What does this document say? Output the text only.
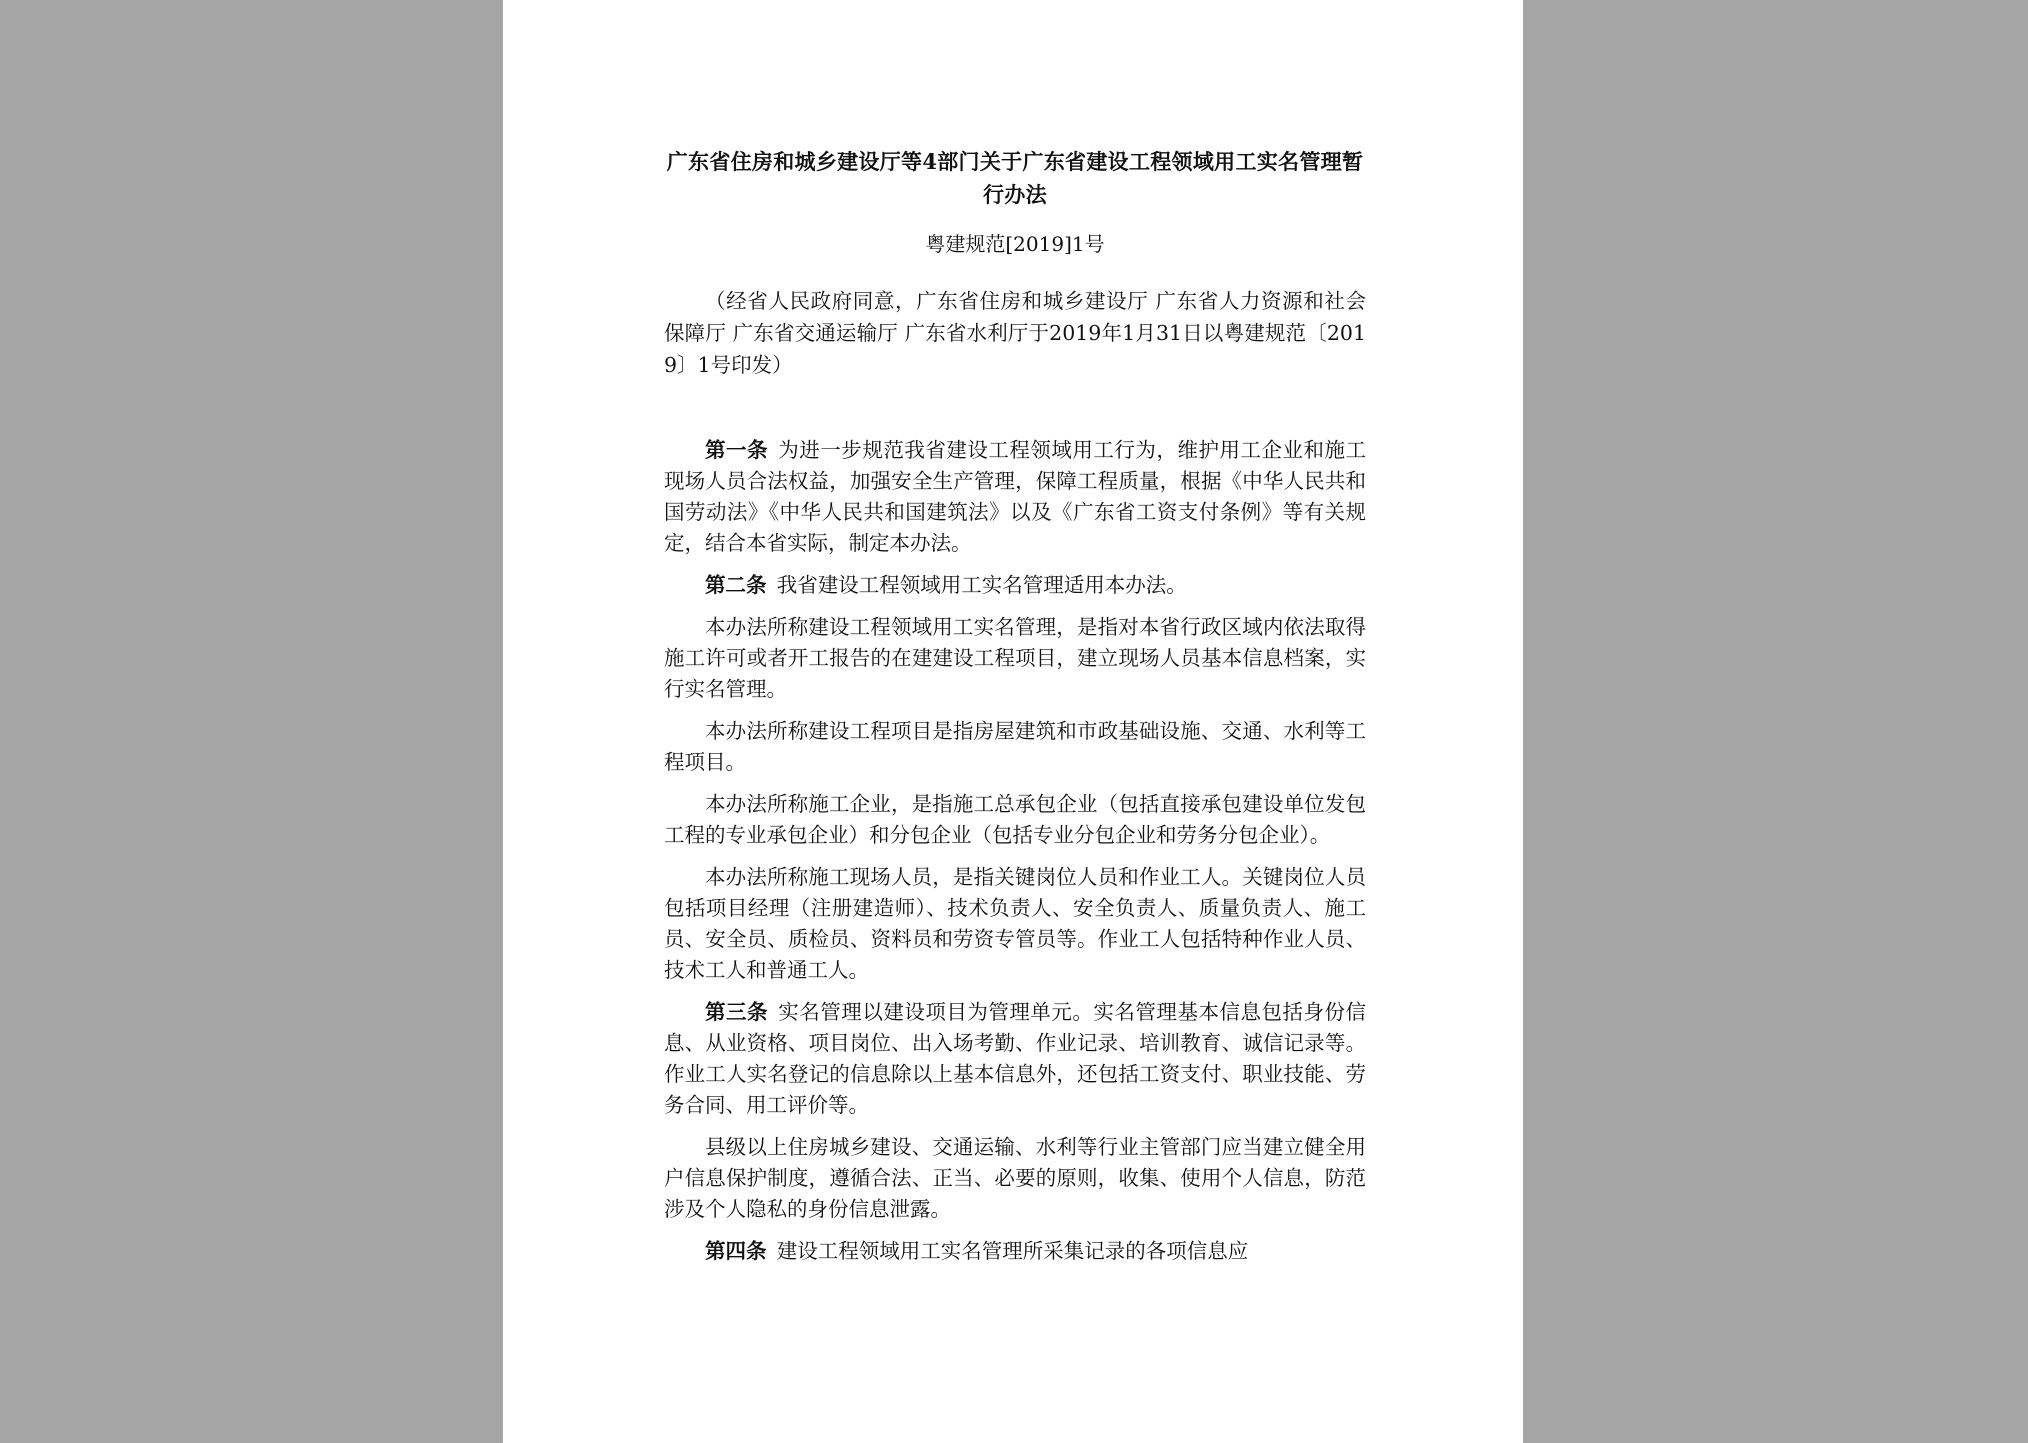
广东省住房和城乡建设厅等4部门关于广东省建设工程领域用工实名管理暂行办法

粤建规范[2019]1号

（经省人民政府同意，广东省住房和城乡建设厅 广东省人力资源和社会保障厅 广东省交通运输厅 广东省水利厅于2019年1月31日以粤建规范〔2019〕1号印发）

第一条 为进一步规范我省建设工程领域用工行为，维护用工企业和施工现场人员合法权益，加强安全生产管理，保障工程质量，根据《中华人民共和国劳动法》《中华人民共和国建筑法》以及《广东省工资支付条例》等有关规定，结合本省实际，制定本办法。

第二条 我省建设工程领域用工实名管理适用本办法。

本办法所称建设工程领域用工实名管理，是指对本省行政区域内依法取得施工许可或者开工报告的在建建设工程项目，建立现场人员基本信息档案，实行实名管理。

本办法所称建设工程项目是指房屋建筑和市政基础设施、交通、水利等工程项目。

本办法所称施工企业，是指施工总承包企业（包括直接承包建设单位发包工程的专业承包企业）和分包企业（包括专业分包企业和劳务分包企业）。

本办法所称施工现场人员，是指关键岗位人员和作业工人。关键岗位人员包括项目经理（注册建造师）、技术负责人、安全负责人、质量负责人、施工员、安全员、质检员、资料员和劳资专管员等。作业工人包括特种作业人员、技术工人和普通工人。

第三条 实名管理以建设项目为管理单元。实名管理基本信息包括身份信息、从业资格、项目岗位、出入场考勤、作业记录、培训教育、诚信记录等。作业工人实名登记的信息除以上基本信息外，还包括工资支付、职业技能、劳务合同、用工评价等。

县级以上住房城乡建设、交通运输、水利等行业主管部门应当建立健全用户信息保护制度，遵循合法、正当、必要的原则，收集、使用个人信息，防范涉及个人隐私的身份信息泄露。

第四条 建设工程领域用工实名管理所采集记录的各项信息应
